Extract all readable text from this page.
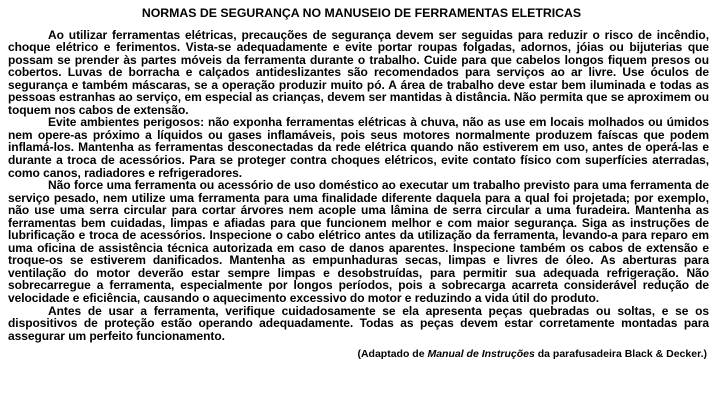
NORMAS DE SEGURANÇA NO MANUSEIO DE FERRAMENTAS ELETRICAS

Ao utilizar ferramentas elétricas, precauções de segurança devem ser seguidas para reduzir o risco de incêndio, choque elétrico e ferimentos. Vista-se adequadamente e evite portar roupas folgadas, adornos, jóias ou bijuterias que possam se prender às partes móveis da ferramenta durante o trabalho. Cuide para que cabelos longos fiquem presos ou cobertos. Luvas de borracha e calçados antideslizantes são recomendados para serviços ao ar livre. Use óculos de segurança e também máscaras, se a operação produzir muito pó. A área de trabalho deve estar bem iluminada e todas as pessoas estranhas ao serviço, em especial as crianças, devem ser mantidas à distância. Não permita que se aproximem ou toquem nos cabos de extensão.

Evite ambientes perigosos: não exponha ferramentas elétricas à chuva, não as use em locais molhados ou úmidos nem opere-as próximo a líquidos ou gases inflamáveis, pois seus motores normalmente produzem faíscas que podem inflamá-los. Mantenha as ferramentas desconectadas da rede elétrica quando não estiverem em uso, antes de operá-las e durante a troca de acessórios. Para se proteger contra choques elétricos, evite contato físico com superfícies aterradas, como canos, radiadores e refrigeradores.

Não force uma ferramenta ou acessório de uso doméstico ao executar um trabalho previsto para uma ferramenta de serviço pesado, nem utilize uma ferramenta para uma finalidade diferente daquela para a qual foi projetada; por exemplo, não use uma serra circular para cortar árvores nem acople uma lâmina de serra circular a uma furadeira. Mantenha as ferramentas bem cuidadas, limpas e afiadas para que funcionem melhor e com maior segurança. Siga as instruções de lubrificação e troca de acessórios. Inspecione o cabo elétrico antes da utilização da ferramenta, levando-a para reparo em uma oficina de assistência técnica autorizada em caso de danos aparentes. Inspecione também os cabos de extensão e troque-os se estiverem danificados. Mantenha as empunhaduras secas, limpas e livres de óleo. As aberturas para ventilação do motor deverão estar sempre limpas e desobstruídas, para permitir sua adequada refrigeração. Não sobrecarregue a ferramenta, especialmente por longos períodos, pois a sobrecarga acarreta considerável redução de velocidade e eficiência, causando o aquecimento excessivo do motor e reduzindo a vida útil do produto.

Antes de usar a ferramenta, verifique cuidadosamente se ela apresenta peças quebradas ou soltas, e se os dispositivos de proteção estão operando adequadamente. Todas as peças devem estar corretamente montadas para assegurar um perfeito funcionamento.

(Adaptado de Manual de Instruções da parafusadeira Black & Decker.)
